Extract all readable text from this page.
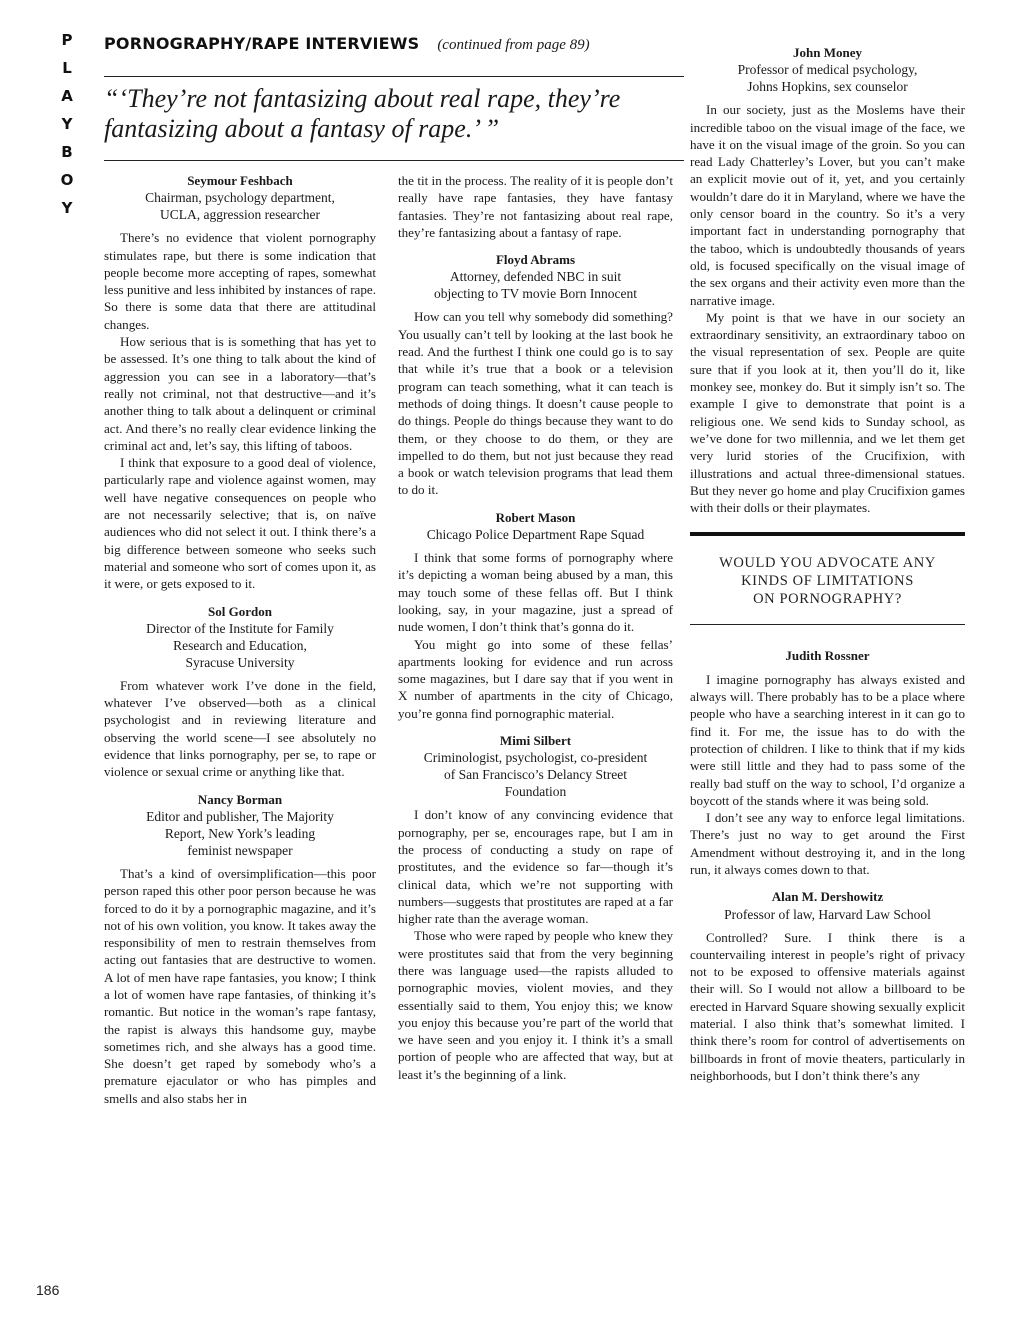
P
L
A
Y
B
O
Y
186
PORNOGRAPHY/RAPE INTERVIEWS (continued from page 89)
“‘They’re not fantasizing about real rape, they’re fantasizing about a fantasy of rape.’ ”
Seymour Feshbach
Chairman, psychology department,
UCLA, aggression researcher

There’s no evidence that violent pornography stimulates rape, but there is some indication that people become more accepting of rapes, somewhat less punitive and less inhibited by instances of rape. So there is some data that there are attitudinal changes.

How serious that is is something that has yet to be assessed. It’s one thing to talk about the kind of aggression you can see in a laboratory—that’s really not criminal, not that destructive—and it’s another thing to talk about a delinquent or criminal act. And there’s no really clear evidence linking the criminal act and, let’s say, this lifting of taboos.

I think that exposure to a good deal of violence, particularly rape and violence against women, may well have negative consequences on people who are not necessarily selective; that is, on naïve audiences who did not select it out. I think there’s a big difference between someone who seeks such material and someone who sort of comes upon it, as it were, or gets exposed to it.

Sol Gordon
Director of the Institute for Family
Research and Education,
Syracuse University

From whatever work I’ve done in the field, whatever I’ve observed—both as a clinical psychologist and in reviewing literature and observing the world scene—I see absolutely no evidence that links pornography, per se, to rape or violence or sexual crime or anything like that.

Nancy Borman
Editor and publisher, The Majority
Report, New York’s leading
feminist newspaper

That’s a kind of oversimplification—this poor person raped this other poor person because he was forced to do it by a pornographic magazine, and it’s not of his own volition, you know. It takes away the responsibility of men to restrain themselves from acting out fantasies that are destructive to women. A lot of men have rape fantasies, you know; I think a lot of women have rape fantasies, of thinking it’s romantic. But notice in the woman’s rape fantasy, the rapist is always this handsome guy, maybe sometimes rich, and she always has a good time. She doesn’t get raped by somebody who’s a premature ejaculator or who has pimples and smells and also stabs her in

the tit in the process. The reality of it is people don’t really have rape fantasies, they have fantasy fantasies. They’re not fantasizing about real rape, they’re fantasizing about a fantasy of rape.

Floyd Abrams
Attorney, defended NBC in suit
objecting to TV movie Born Innocent

How can you tell why somebody did something? You usually can’t tell by looking at the last book he read. And the furthest I think one could go is to say that while it’s true that a book or a television program can teach something, what it can teach is methods of doing things. It doesn’t cause people to do things. People do things because they want to do them, or they choose to do them, or they are impelled to do them, but not just because they read a book or watch television programs that lead them to do it.

Robert Mason
Chicago Police Department Rape Squad

I think that some forms of pornography where it’s depicting a woman being abused by a man, this may touch some of these fellas off. But I think looking, say, in your magazine, just a spread of nude women, I don’t think that’s gonna do it.

You might go into some of these fellas’ apartments looking for evidence and run across some magazines, but I dare say that if you went in X number of apartments in the city of Chicago, you’re gonna find pornographic material.

Mimi Silbert
Criminologist, psychologist, co-president
of San Francisco’s Delancy Street
Foundation

I don’t know of any convincing evidence that pornography, per se, encourages rape, but I am in the process of conducting a study on rape of prostitutes, and the evidence so far—though it’s clinical data, which we’re not supporting with numbers—suggests that prostitutes are raped at a far higher rate than the average woman.

Those who were raped by people who knew they were prostitutes said that from the very beginning there was language used—the rapists alluded to pornographic movies, violent movies, and they essentially said to them, You enjoy this; we know you enjoy this because you’re part of the world that we have seen and you enjoy it. I think it’s a small portion of people who are affected that way, but at least it’s the beginning of a link.

John Money
Professor of medical psychology,
Johns Hopkins, sex counselor

In our society, just as the Moslems have their incredible taboo on the visual image of the face, we have it on the visual image of the groin. So you can read Lady Chatterley’s Lover, but you can’t make an explicit movie out of it, yet, and you certainly wouldn’t dare do it in Maryland, where we have the only censor board in the country. So it’s a very important fact in understanding pornography that the taboo, which is undoubtedly thousands of years old, is focused specifically on the visual image of the sex organs and their activity even more than the narrative image.

My point is that we have in our society an extraordinary sensitivity, an extraordinary taboo on the visual representation of sex. People are quite sure that if you look at it, then you’ll do it, like monkey see, monkey do. But it simply isn’t so. The example I give to demonstrate that point is a religious one. We send kids to Sunday school, as we’ve done for two millennia, and we let them get very lurid stories of the Crucifixion, with illustrations and actual three-dimensional statues. But they never go home and play Crucifixion games with their dolls or their playmates.

WOULD YOU ADVOCATE ANY
KINDS OF LIMITATIONS
ON PORNOGRAPHY?
Judith Rossner

I imagine pornography has always existed and always will. There probably has to be a place where people who have a searching interest in it can go to find it. For me, the issue has to do with the protection of children. I like to think that if my kids were still little and they had to pass some of the really bad stuff on the way to school, I’d organize a boycott of the stands where it was being sold.

I don’t see any way to enforce legal limitations. There’s just no way to get around the First Amendment without destroying it, and in the long run, it always comes down to that.

Alan M. Dershowitz
Professor of law, Harvard Law School

Controlled? Sure. I think there is a countervailing interest in people’s right of privacy not to be exposed to offensive materials against their will. So I would not allow a billboard to be erected in Harvard Square showing sexually explicit material. I also think that’s somewhat limited. I think there’s room for control of advertisements on billboards in front of movie theaters, particularly in neighborhoods, but I don’t think there’s any
